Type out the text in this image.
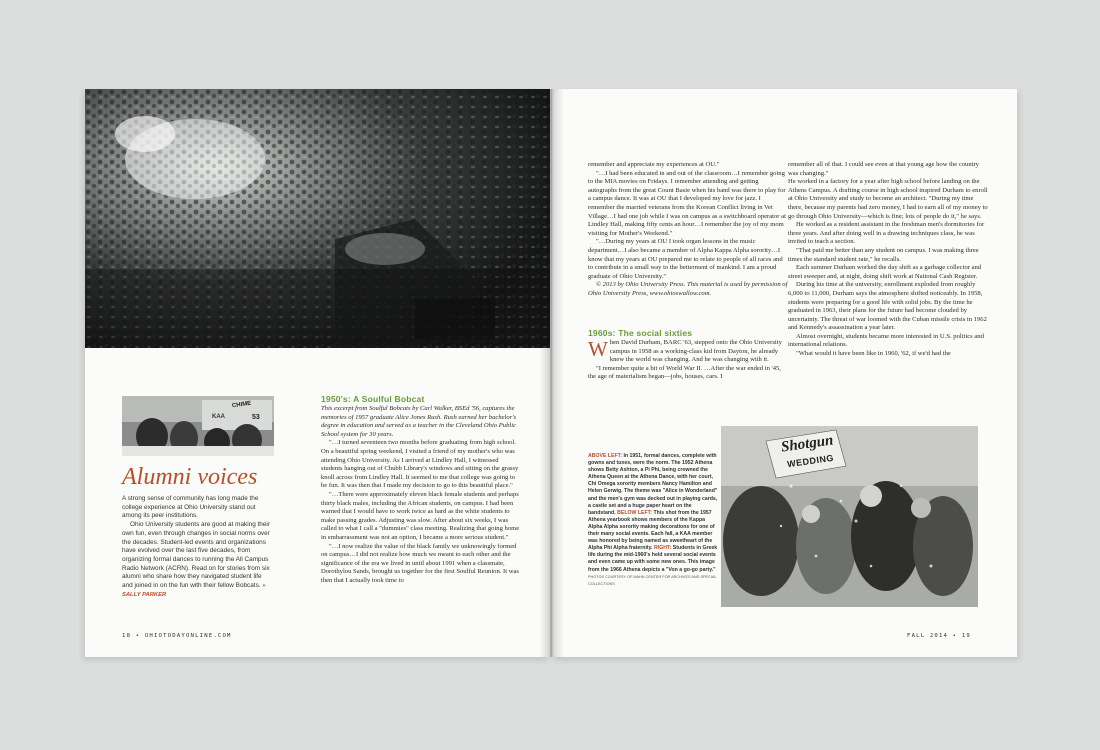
CHIME
53
KAA
Alumni voices

A strong sense of community has long made the college experience at Ohio University stand out among its peer institutions.

Ohio University students are good at making their own fun, even through changes in social norms over the decades. Student-led events and organizations have evolved over the last five decades, from organizing formal dances to running the All Campus Radio Network (ACRN). Read on for stories from six alumni who share how they navigated student life and joined in on the fun with their fellow Bobcats. » SALLY PARKER

1950's: A Soulful Bobcat

This excerpt from Soulful Bobcats by Carl Walker, BSEd '56, captures the memories of 1957 graduate Alice Jones Rush. Rush earned her bachelor's degree in education and served as a teacher in the Cleveland Ohio Public School system for 30 years.

"…I turned seventeen two months before graduating from high school. On a beautiful spring weekend, I visited a friend of my mother's who was attending Ohio University. As I arrived at Lindley Hall, I witnessed students hanging out of Chubb Library's windows and sitting on the grassy knoll across from Lindley Hall. It seemed to me that college was going to be fun. It was then that I made my decision to go to this beautiful place."

"…There were approximately eleven black female students and perhaps thirty black males, including the African students, on campus. I had been warned that I would have to work twice as hard as the white students to make passing grades. Adjusting was slow. After about six weeks, I was called to what I call a "dummies" class meeting. Realizing that going home in embarrassment was not an option, I became a more serious student."

"…I now realize the value of the black family we unknowingly formed on campus…I did not realize how much we meant to each other and the significance of the era we lived in until about 1991 when a classmate, Dorothylou Sands, brought us together for the first Soulful Reunion. It was then that I actually took time to

18 • OHIOTODAYONLINE.COM

remember and appreciate my experiences at OU."

"…I had been educated in and out of the classroom…I remember going to the MIA movies on Fridays. I remember attending and getting autographs from the great Count Basie when his band was there to play for a campus dance. It was at OU that I developed my love for jazz. I remember the married veterans from the Korean Conflict living in Vet Village…I had one job while I was on campus as a switchboard operator at Lindley Hall, making fifty cents an hour…I remember the joy of my mom visiting for Mother's Weekend."

"…During my years at OU I took organ lessons in the music department…I also became a member of Alpha Kappa Alpha sorority…I know that my years at OU prepared me to relate to people of all races and to contribute in a small way to the betterment of mankind. I am a proud graduate of Ohio University."

© 2013 by Ohio University Press. This material is used by permission of Ohio University Press, www.ohioswallow.com.

1960s: The social sixties

When David Durham, BARC '63, stepped onto the Ohio University campus in 1958 as a working-class kid from Dayton, he already knew the world was changing. And he was changing with it.

"I remember quite a bit of World War II. …After the war ended in '45, the age of materialism began—jobs, houses, cars. I

remember all of that. I could see even at that young age how the country was changing."

He worked in a factory for a year after high school before landing on the Athens Campus. A drafting course in high school inspired Durham to enroll at Ohio University and study to become an architect. "During my time there, because my parents had zero money, I had to earn all of my money to go through Ohio University—which is fine; lots of people do it," he says.

He worked as a resident assistant in the freshman men's dormitories for three years. And after doing well in a drawing techniques class, he was invited to teach a section.

"That paid me better than any student on campus. I was making three times the standard student rate," he recalls.

Each summer Durham worked the day shift as a garbage collector and street sweeper and, at night, doing shift work at National Cash Register.

During his time at the university, enrollment exploded from roughly 6,000 to 11,000, Durham says the atmosphere shifted noticeably. In 1958, students were preparing for a good life with solid jobs. By the time he graduated in 1963, their plans for the future had become clouded by uncertainty. The threat of war loomed with the Cuban missile crisis in 1962 and Kennedy's assassination a year later.

Almost overnight, students became more interested in U.S. politics and international relations.

"What would it have been like in 1960, '62, if we'd had the

ABOVE LEFT: In 1951, formal dances, complete with gowns and tuxes, were the norm. The 1952 Athena shows Betty Ashton, a Pi Phi, being crowned the Athena Queen at the Athena Dance, with her court, Chi Omega sorority members Nancy Hamilton and Helen Gerwig. The theme was "Alice in Wonderland" and the men's gym was decked out in playing cards, a castle set and a huge paper heart on the bandstand. BELOW LEFT: This shot from the 1957 Athena yearbook shows members of the Kappa Alpha Alpha sorority making decorations for one of their many social events. Each fall, a KAA member was honored by being named as sweetheart of the Alpha Phi Alpha fraternity. RIGHT: Students in Greek life during the mid-1960's held several social events and even came up with some new ones. This image from the 1966 Athena depicts a "Von a go-go party." PHOTOS COURTESY OF MAHN CENTER FOR ARCHIVES AND SPECIAL COLLECTIONS
Shotgun
WEDDING
FALL 2014 • 19
